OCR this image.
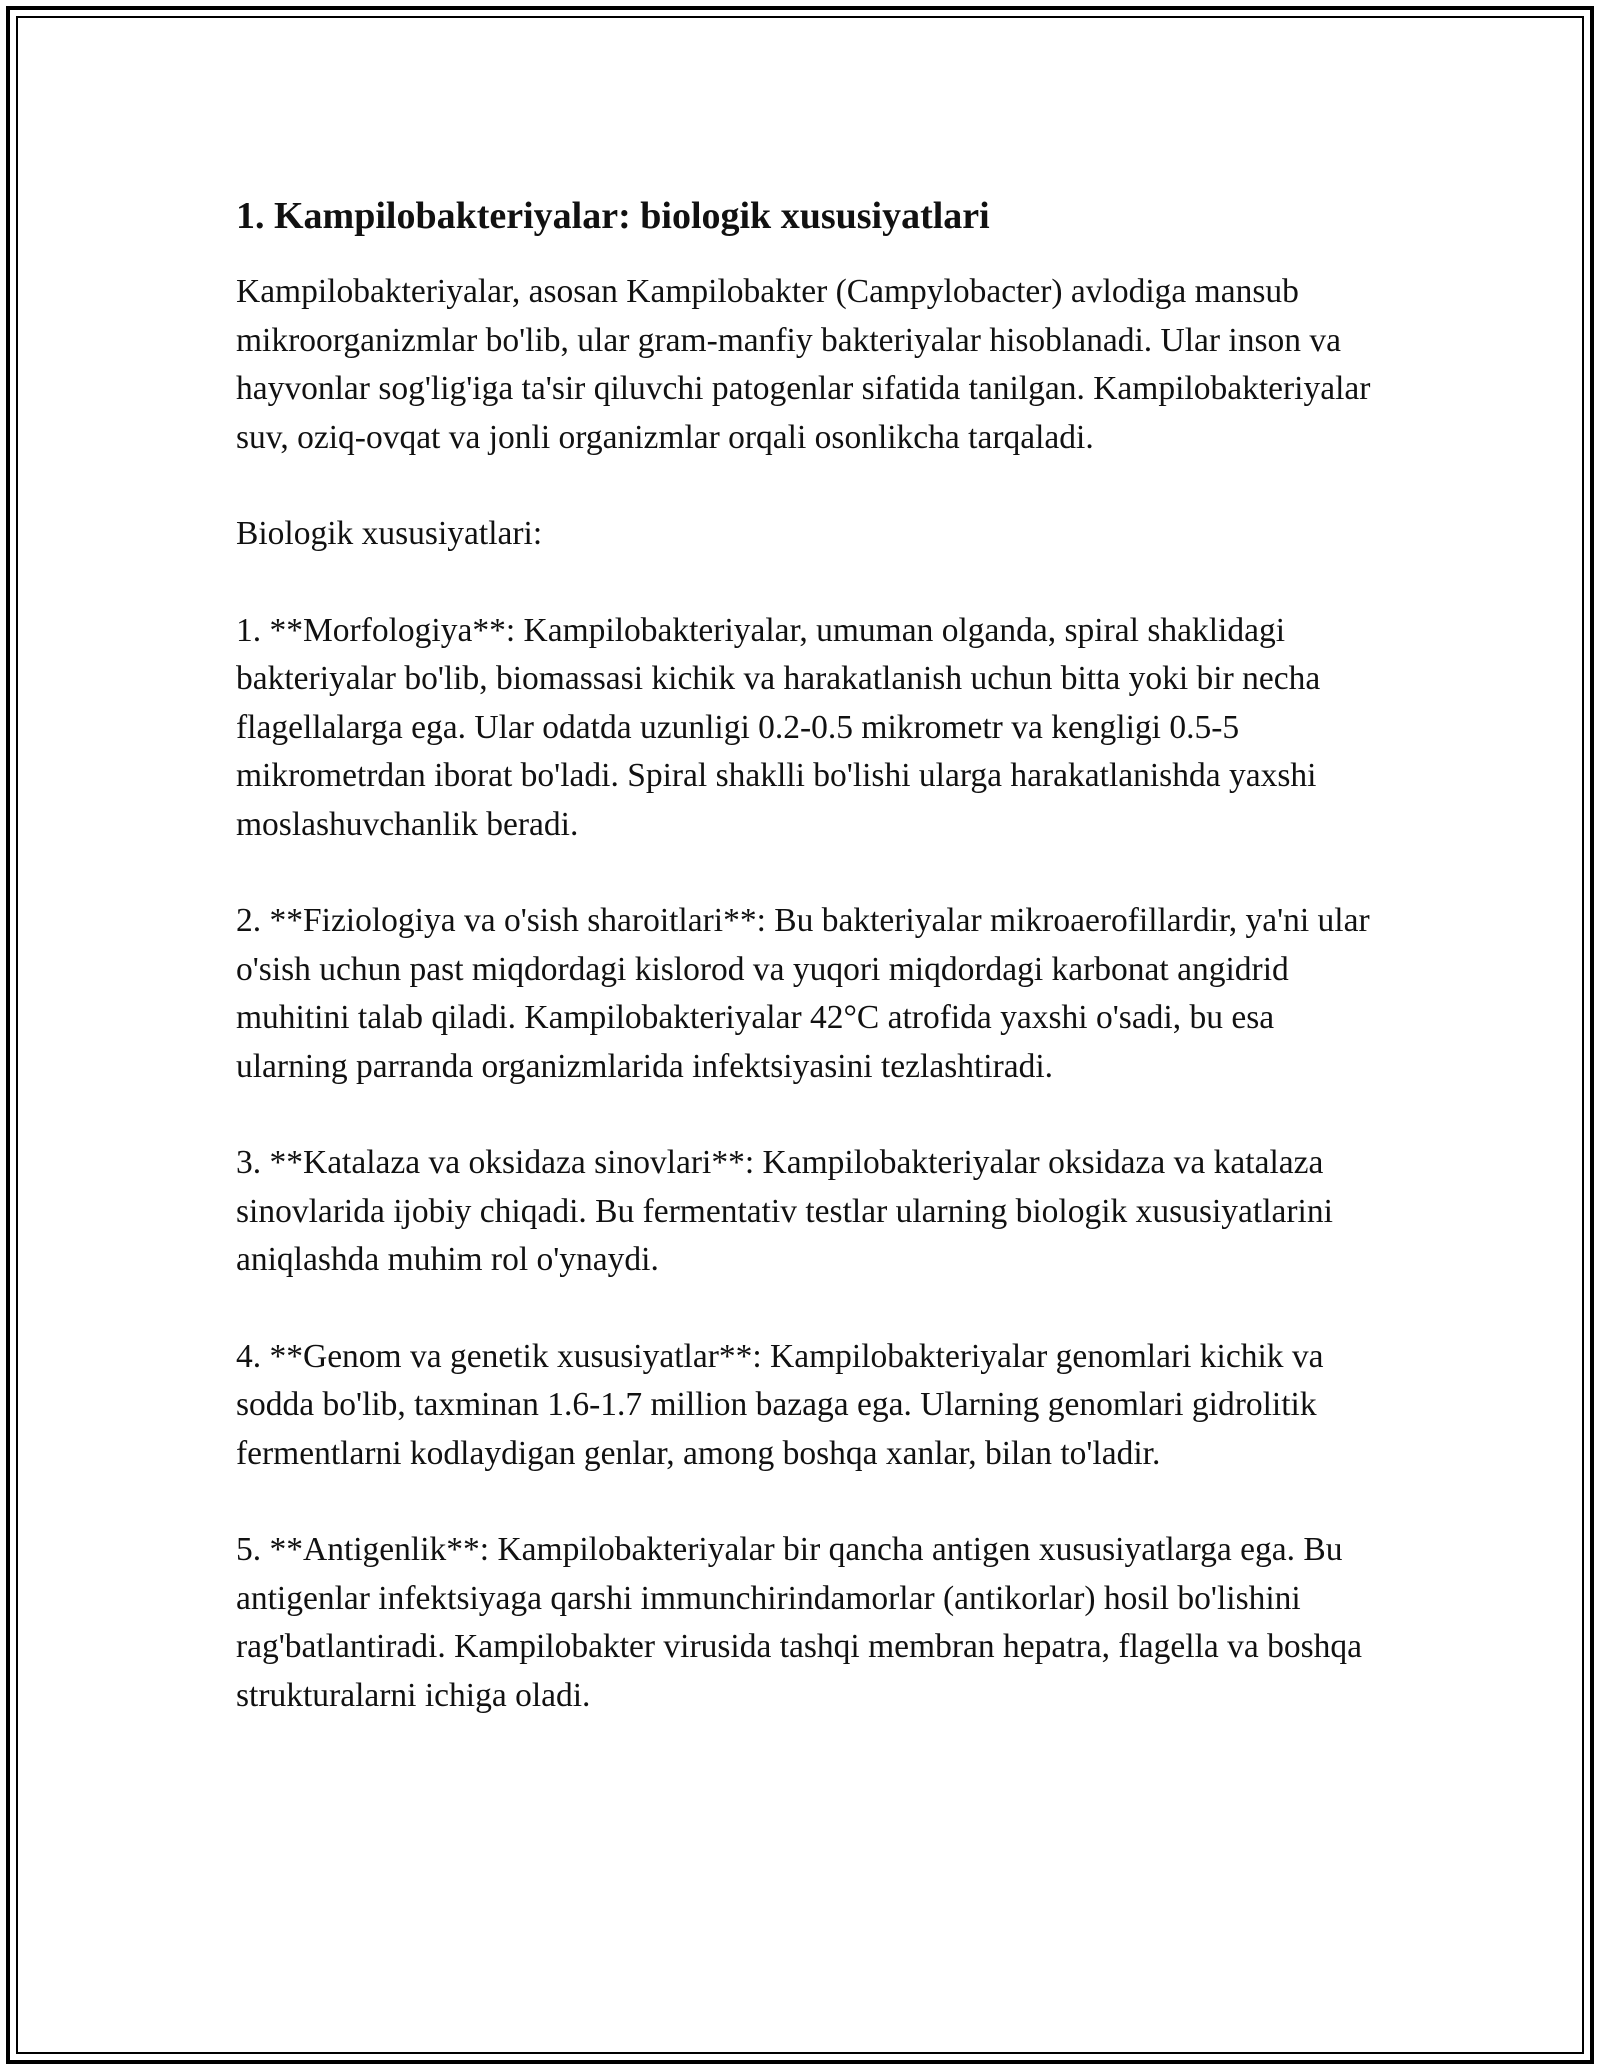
1. Kampilobakteriyalar: biologik xususiyatlari

Kampilobakteriyalar, asosan Kampilobakter (Campylobacter) avlodiga mansub mikroorganizmlar bo'lib, ular gram-manfiy bakteriyalar hisoblanadi. Ular inson va hayvonlar sog'lig'iga ta'sir qiluvchi patogenlar sifatida tanilgan. Kampilobakteriyalar suv, oziq-ovqat va jonli organizmlar orqali osonlikcha tarqaladi.

Biologik xususiyatlari:

1. **Morfologiya**: Kampilobakteriyalar, umuman olganda, spiral shaklidagi bakteriyalar bo'lib, biomassasi kichik va harakatlanish uchun bitta yoki bir necha flagellalarga ega. Ular odatda uzunligi 0.2-0.5 mikrometr va kengligi 0.5-5 mikrometrdan iborat bo'ladi. Spiral shaklli bo'lishi ularga harakatlanishda yaxshi moslashuvchanlik beradi.

2. **Fiziologiya va o'sish sharoitlari**: Bu bakteriyalar mikroaerofillardir, ya'ni ular o'sish uchun past miqdordagi kislorod va yuqori miqdordagi karbonat angidrid muhitini talab qiladi. Kampilobakteriyalar 42°C atrofida yaxshi o'sadi, bu esa ularning parranda organizmlarida infektsiyasini tezlashtiradi.

3. **Katalaza va oksidaza sinovlari**: Kampilobakteriyalar oksidaza va katalaza sinovlarida ijobiy chiqadi. Bu fermentativ testlar ularning biologik xususiyatlarini aniqlashda muhim rol o'ynaydi.

4. **Genom va genetik xususiyatlar**: Kampilobakteriyalar genomlari kichik va sodda bo'lib, taxminan 1.6-1.7 million bazaga ega. Ularning genomlari gidrolitik fermentlarni kodlaydigan genlar, among boshqa xanlar, bilan to'ladir.

5. **Antigenlik**: Kampilobakteriyalar bir qancha antigen xususiyatlarga ega. Bu antigenlar infektsiyaga qarshi immunchirindamorlar (antikorlar) hosil bo'lishini rag'batlantiradi. Kampilobakter virusida tashqi membran hepatra, flagella va boshqa strukturalarni ichiga oladi.
